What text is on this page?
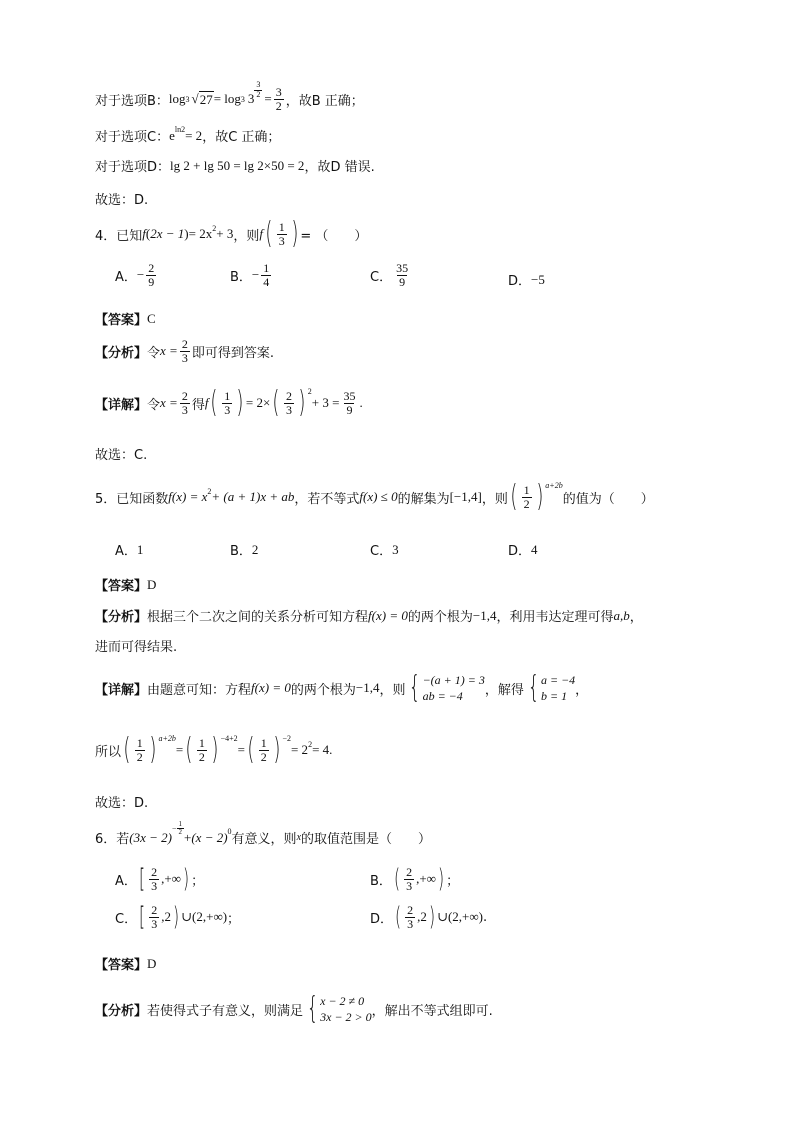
对于选项B： log 3 √ 27 = log 3 $3 \frac{3}{2} = \frac{3}{2}$ ，故B 正确；
对于选项C： $e^{ln2} = 2$ ，故C 正确；
对于选项D： lg 2 + lg 50 = lg 2×50 = 2 ，故D 错误.
故选：D.
4．已知 f ( 2x − 1 ) = $2x^2 + 3$ ，则 f ( $\frac{1}{3}$ ) = （　　）
A． − $\frac{2}{9}$	B． − $\frac{1}{4}$	C． $\frac{35}{9}$	D． −5
【答案】 C
【分析】 令 $x = \frac{2}{3}$ 即可得到答案.
【详解】 令 $x = \frac{2}{3}$ 得 f ( $\frac{1}{3}$ ) = 2× ( $\frac{2}{3}$ ) $^2$
+ $3 = \frac{35}{9}$ .
故选：C.
5．已知函数 $f(x) = x^2 + (a + 1)x$ + ab ，若不等式 f(x) ≤ 0 的解集为 [−1,4] ，则 ( $\frac{1}{2}$ ) $^{a+2b}$
的值为（　　）
A． 1	B． 2	C． 3	D． 4
【答案】 D
【分析】 根据三个二次之间的关系分析可知方程 f(x) = 0 的两个根为 −1,4 ，利用韦达定理可得 a,b ，
进而可得结果.
【详解】 由题意可知：方程 f(x) = 0 的两个根为 −1,4 ，则 { −(a + 1) = 3
ab = −4	，解得 { a = −4
b = 1 ，
所以 ( $\frac{1}{2}$ ) $^{a+2b}$
= ( $\frac{1}{2}$ ) $^{-4+2}$
= ( $\frac{1}{2}$ ) $^{-2}$
= $2^2 = 4$ .
故选：D.
6．若 (3x − 2)
− $\frac{1}{2}$
+ $(x - 2)^0$
有意义，则 x 的取值范围是（　　）
A． [ $\frac{2}{3}$ ,+∞ ) ；	B． ( $\frac{2}{3}$ ,+∞ ) ；
C． [ $\frac{2}{3} ,2$ ) ∪(2,+∞) ；	D． ( $\frac{2}{3} ,2$ ) ∪(2,+∞) .
【答案】 D
【分析】 若使得式子有意义，则满足 { x − 2 ≠ 0
3x − 2 > 0 ，解出不等式组即可.
